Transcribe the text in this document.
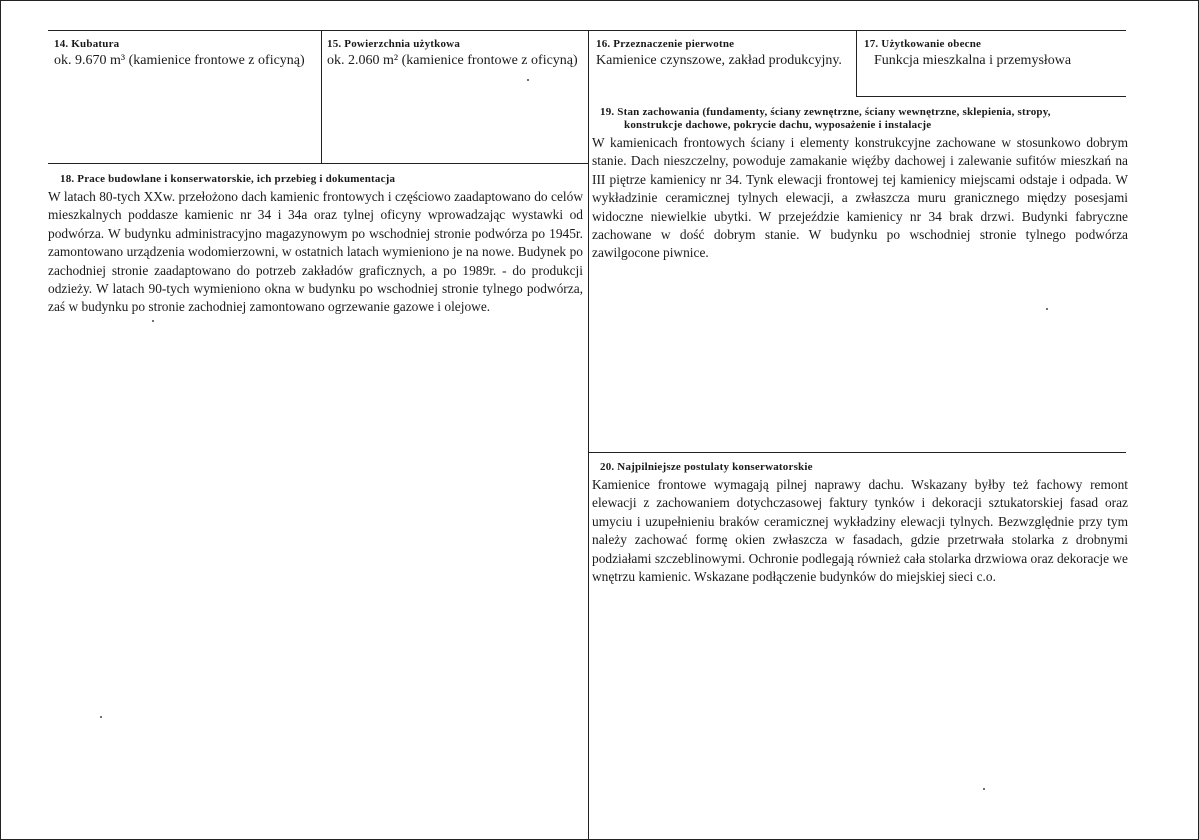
14. Kubatura
ok. 9.670 m³ (kamienice frontowe z oficyną)
15. Powierzchnia użytkowa
ok. 2.060 m² (kamienice frontowe z oficyną)
16. Przeznaczenie pierwotne
Kamienice czynszowe, zakład produkcyjny.
17. Użytkowanie obecne
Funkcja mieszkalna i przemysłowa
18. Prace budowlane i konserwatorskie, ich przebieg i dokumentacja
W latach 80-tych XXw. przełożono dach kamienic frontowych i częściowo zaadaptowano do celów mieszkalnych poddasze kamienic nr 34 i 34a oraz tylnej oficyny wprowadzając wystawki od podwórza. W budynku administracyjno magazynowym po wschodniej stronie podwórza po 1945r. zamontowano urządzenia wodomierzowni, w ostatnich latach wymieniono je na nowe. Budynek po zachodniej stronie zaadaptowano do potrzeb zakładów graficznych, a po 1989r. - do produkcji odzieży. W latach 90-tych wymieniono okna w budynku po wschodniej stronie tylnego podwórza, zaś w budynku po stronie zachodniej zamontowano ogrzewanie gazowe i olejowe.
19. Stan zachowania (fundamenty, ściany zewnętrzne, ściany wewnętrzne, sklepienia, stropy,
konstrukcje dachowe, pokrycie dachu, wyposażenie i instalacje
W kamienicach frontowych ściany i elementy konstrukcyjne zachowane w stosunkowo dobrym stanie. Dach nieszczelny, powoduje zamakanie więźby dachowej i zalewanie sufitów mieszkań na III piętrze kamienicy nr 34. Tynk elewacji frontowej tej kamienicy miejscami odstaje i odpada. W wykładzinie ceramicznej tylnych elewacji, a zwłaszcza muru granicznego między posesjami widoczne niewielkie ubytki. W przejeździe kamienicy nr 34 brak drzwi. Budynki fabryczne zachowane w dość dobrym stanie. W budynku po wschodniej stronie tylnego podwórza zawilgocone piwnice.
20. Najpilniejsze postulaty konserwatorskie
Kamienice frontowe wymagają pilnej naprawy dachu. Wskazany byłby też fachowy remont elewacji z zachowaniem dotychczasowej faktury tynków i dekoracji sztukatorskiej fasad oraz umyciu i uzupełnieniu braków ceramicznej wykładziny elewacji tylnych. Bezwzględnie przy tym należy zachować formę okien zwłaszcza w fasadach, gdzie przetrwała stolarka z drobnymi podziałami szczeblinowymi. Ochronie podlegają również cała stolarka drzwiowa oraz dekoracje we wnętrzu kamienic. Wskazane podłączenie budynków do miejskiej sieci c.o.
